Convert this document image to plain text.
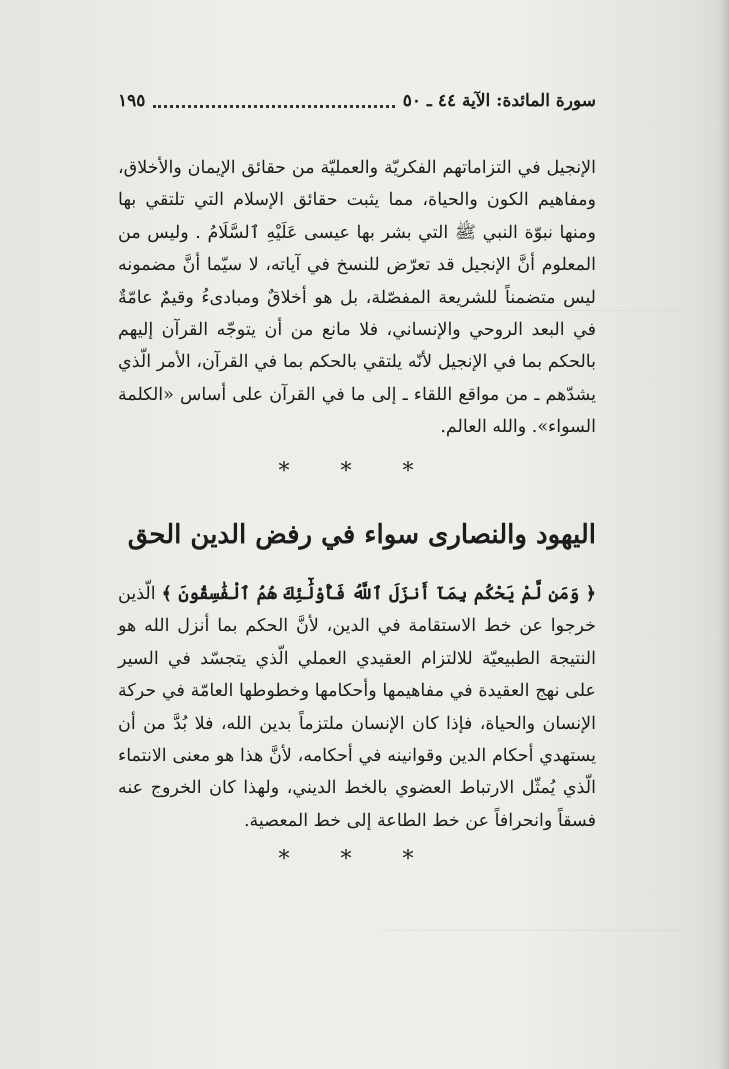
سورة المائدة: الآية ٤٤ ـ ٥٠
١٩٥

الإنجيل في التزاماتهم الفكريّة والعمليّة من حقائق الإيمان والأخلاق، ومفاهيم الكون والحياة، مما يثبت حقائق الإسلام التي تلتقي بها ومنها نبوّة النبي ﷺ التي بشر بها عيسى عَلَيْهِ ٱلسَّلَامُ . وليس من المعلوم أنَّ الإنجيل قد تعرّض للنسخ في آياته، لا سيّما أنَّ مضمونه ليس متضمناً للشريعة المفصّلة، بل هو أخلاقٌ ومبادىءُ وقيمٌ عامّةٌ في البعد الروحي والإنساني، فلا مانع من أن يتوجّه القرآن إليهم بالحكم بما في الإنجيل لأنّه يلتقي بالحكم بما في القرآن، الأمر الّذي يشدّهم ـ من مواقع اللقاء ـ إلى ما في القرآن على أساس «الكلمة السواء». والله العالم.

* * *
اليهود والنصارى سواء في رفض الدين الحق

﴿ وَمَن لَّمْ يَحْكُم بِمَآ أَنزَلَ ٱللَّهُ فَأُوْلَٰٓئِكَ هُمُ ٱلْفَٰسِقُونَ ﴾ الّذين خرجوا عن خط الاستقامة في الدين، لأنَّ الحكم بما أنزل الله هو النتيجة الطبيعيّة للالتزام العقيدي العملي الّذي يتجسّد في السير على نهج العقيدة في مفاهيمها وأحكامها وخطوطها العامّة في حركة الإنسان والحياة، فإذا كان الإنسان ملتزماً بدين الله، فلا بُدَّ من أن يستهدي أحكام الدين وقوانينه في أحكامه، لأنَّ هذا هو معنى الانتماء الّذي يُمثّل الارتباط العضوي بالخط الديني، ولهذا كان الخروج عنه فسقاً وانحرافاً عن خط الطاعة إلى خط المعصية.

* * *
